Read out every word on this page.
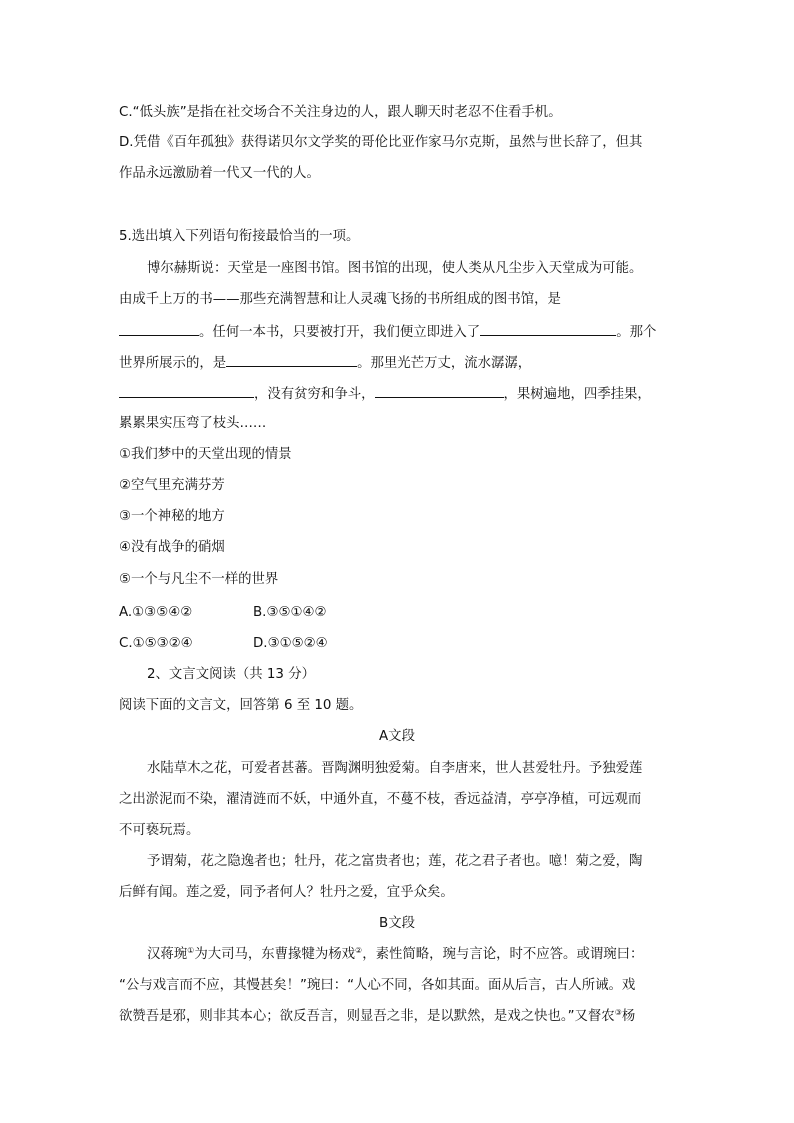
C.“低头族”是指在社交场合不关注身边的人，跟人聊天时老忍不住看手机。
D.凭借《百年孤独》获得诺贝尔文学奖的哥伦比亚作家马尔克斯，虽然与世长辞了，但其
作品永远激励着一代又一代的人。
5.选出填入下列语句衔接最恰当的一项。
博尔赫斯说：天堂是一座图书馆。图书馆的出现，使人类从凡尘步入天堂成为可能。
由成千上万的书——那些充满智慧和让人灵魂飞扬的书所组成的图书馆，是
。任何一本书，只要被打开，我们便立即进入了	。那个
世界所展示的，是	。那里光芒万丈，流水潺潺，
，没有贫穷和争斗，	，果树遍地，四季挂果，
累累果实压弯了枝头……
①我们梦中的天堂出现的情景
②空气里充满芬芳
③一个神秘的地方
④没有战争的硝烟
⑤一个与凡尘不一样的世界
A.①③⑤④②	B.③⑤①④②
C.①⑤③②④	D.③①⑤②④
2、文言文阅读（共 13 分）
阅读下面的文言文，回答第 6 至 10 题。
A文段
水陆草木之花，可爱者甚蕃。晋陶渊明独爱菊。自李唐来，世人甚爱牡丹。予独爱莲
之出淤泥而不染，濯清涟而不妖，中通外直，不蔓不枝，香远益清，亭亭净植，可远观而
不可亵玩焉。
予谓菊，花之隐逸者也；牡丹，花之富贵者也；莲，花之君子者也。噫！菊之爱，陶
后鲜有闻。莲之爱，同予者何人？牡丹之爱，宜乎众矣。
B文段
汉蒋琬①为大司马，东曹掾犍为杨戏②，素性简略，琬与言论，时不应答。或谓琬曰：
“公与戏言而不应，其慢甚矣！”琬曰：“人心不同，各如其面。面从后言，古人所诫。戏
欲赞吾是邪，则非其本心；欲反吾言，则显吾之非，是以默然，是戏之快也。”又督农③杨
